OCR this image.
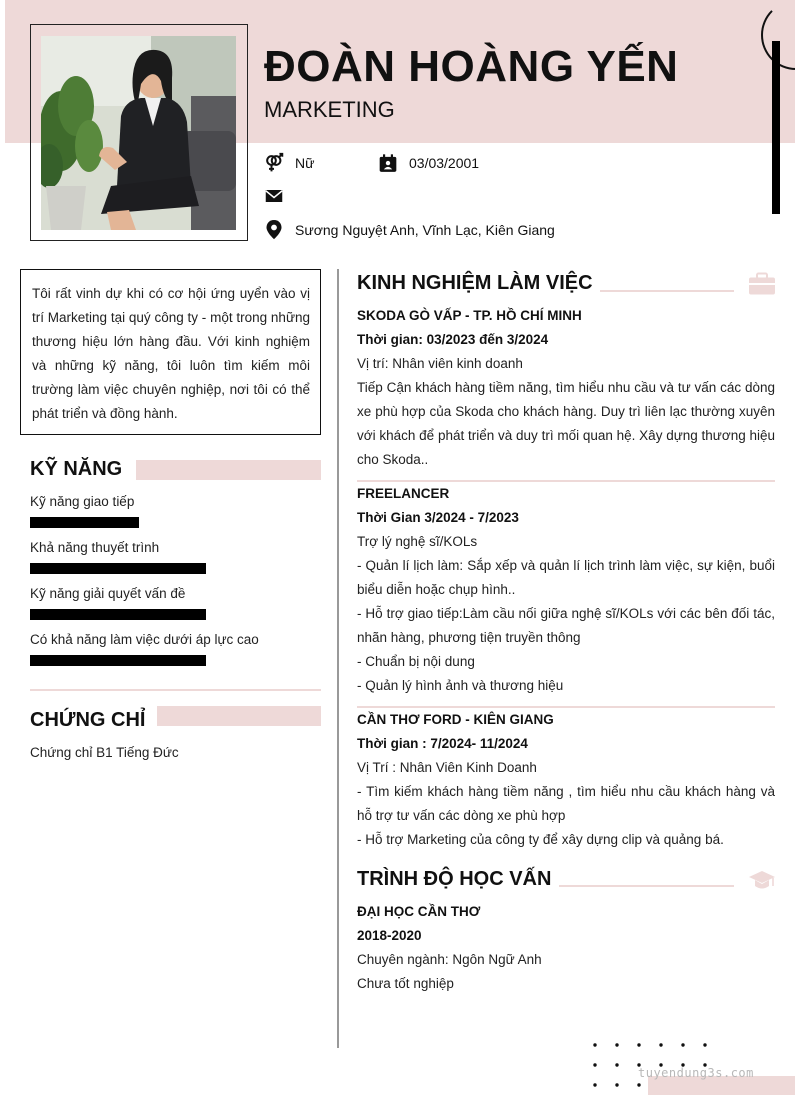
ĐOÀN HOÀNG YẾN
MARKETING
Nữ	03/03/2001
Sương Nguyệt Anh, Vĩnh Lạc, Kiên Giang

Tôi rất vinh dự khi có cơ hội ứng uyển vào vị trí Marketing tại quý công ty - một trong những thương hiệu lớn hàng đầu. Với kinh nghiệm và những kỹ năng, tôi luôn tìm kiếm môi trường làm việc chuyên nghiệp, nơi tôi có thể phát triển và đồng hành.

KỸ NĂNG
Kỹ năng giao tiếp
Khả năng thuyết trình
Kỹ năng giải quyết vấn đề
Có khả năng làm việc dưới áp lực cao
CHỨNG CHỈ
Chứng chỉ B1 Tiếng Đức
KINH NGHIỆM LÀM VIỆC
SKODA GÒ VẤP - TP. HỒ CHÍ MINH
Thời gian: 03/2023 đến 3/2024
Vị trí: Nhân viên kinh doanh
Tiếp Cận khách hàng tiềm năng, tìm hiểu nhu cầu và tư vấn các dòng xe phù hợp của Skoda cho khách hàng. Duy trì liên lạc thường xuyên với khách để phát triển và duy trì mối quan hệ. Xây dựng thương hiệu cho Skoda..
FREELANCER
Thời Gian 3/2024 - 7/2023
Trợ lý nghệ sĩ/KOLs
- Quản lí lịch làm: Sắp xếp và quản lí lịch trình làm việc, sự kiện, buổi biểu diễn hoặc chụp hình..
- Hỗ trợ giao tiếp:Làm cầu nối giữa nghệ sĩ/KOLs với các bên đối tác, nhãn hàng, phương tiện truyền thông
- Chuẩn bị nội dung
- Quản lý hình ảnh và thương hiệu
CẦN THƠ FORD - KIÊN GIANG
Thời gian : 7/2024- 11/2024
Vị Trí : Nhân Viên Kinh Doanh
- Tìm kiếm khách hàng tiềm năng , tìm hiểu nhu cầu khách hàng và hỗ trợ tư vấn các dòng xe phù hợp
- Hỗ trợ Marketing của công ty để xây dựng clip và quảng bá.
TRÌNH ĐỘ HỌC VẤN
ĐẠI HỌC CẦN THƠ
2018-2020
Chuyên ngành: Ngôn Ngữ Anh
Chưa tốt nghiệp
tuyendung3s.com
